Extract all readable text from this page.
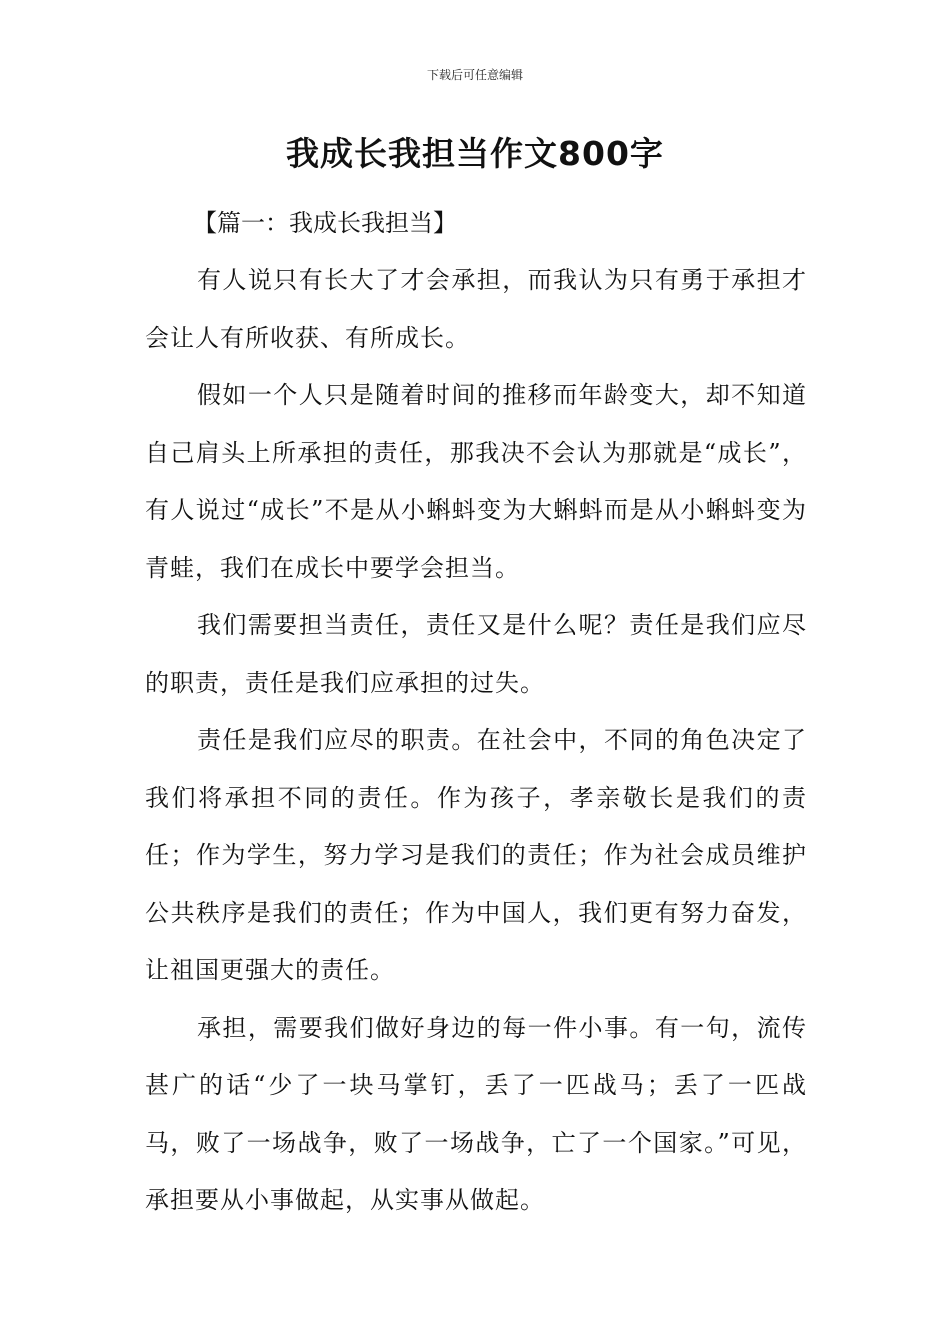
下载后可任意编辑
我成长我担当作文800字

【篇一：我成长我担当】

有人说只有长大了才会承担，而我认为只有勇于承担才会让人有所收获、有所成长。

假如一个人只是随着时间的推移而年龄变大，却不知道自己肩头上所承担的责任，那我决不会认为那就是“成长”，有人说过“成长”不是从小蝌蚪变为大蝌蚪而是从小蝌蚪变为青蛙，我们在成长中要学会担当。

我们需要担当责任，责任又是什么呢？责任是我们应尽的职责，责任是我们应承担的过失。

责任是我们应尽的职责。在社会中，不同的角色决定了我们将承担不同的责任。作为孩子，孝亲敬长是我们的责任；作为学生，努力学习是我们的责任；作为社会成员维护公共秩序是我们的责任；作为中国人，我们更有努力奋发，让祖国更强大的责任。

承担，需要我们做好身边的每一件小事。有一句，流传甚广的话“少了一块马掌钉，丢了一匹战马；丢了一匹战马，败了一场战争，败了一场战争，亡了一个国家。”可见，承担要从小事做起，从实事从做起。
